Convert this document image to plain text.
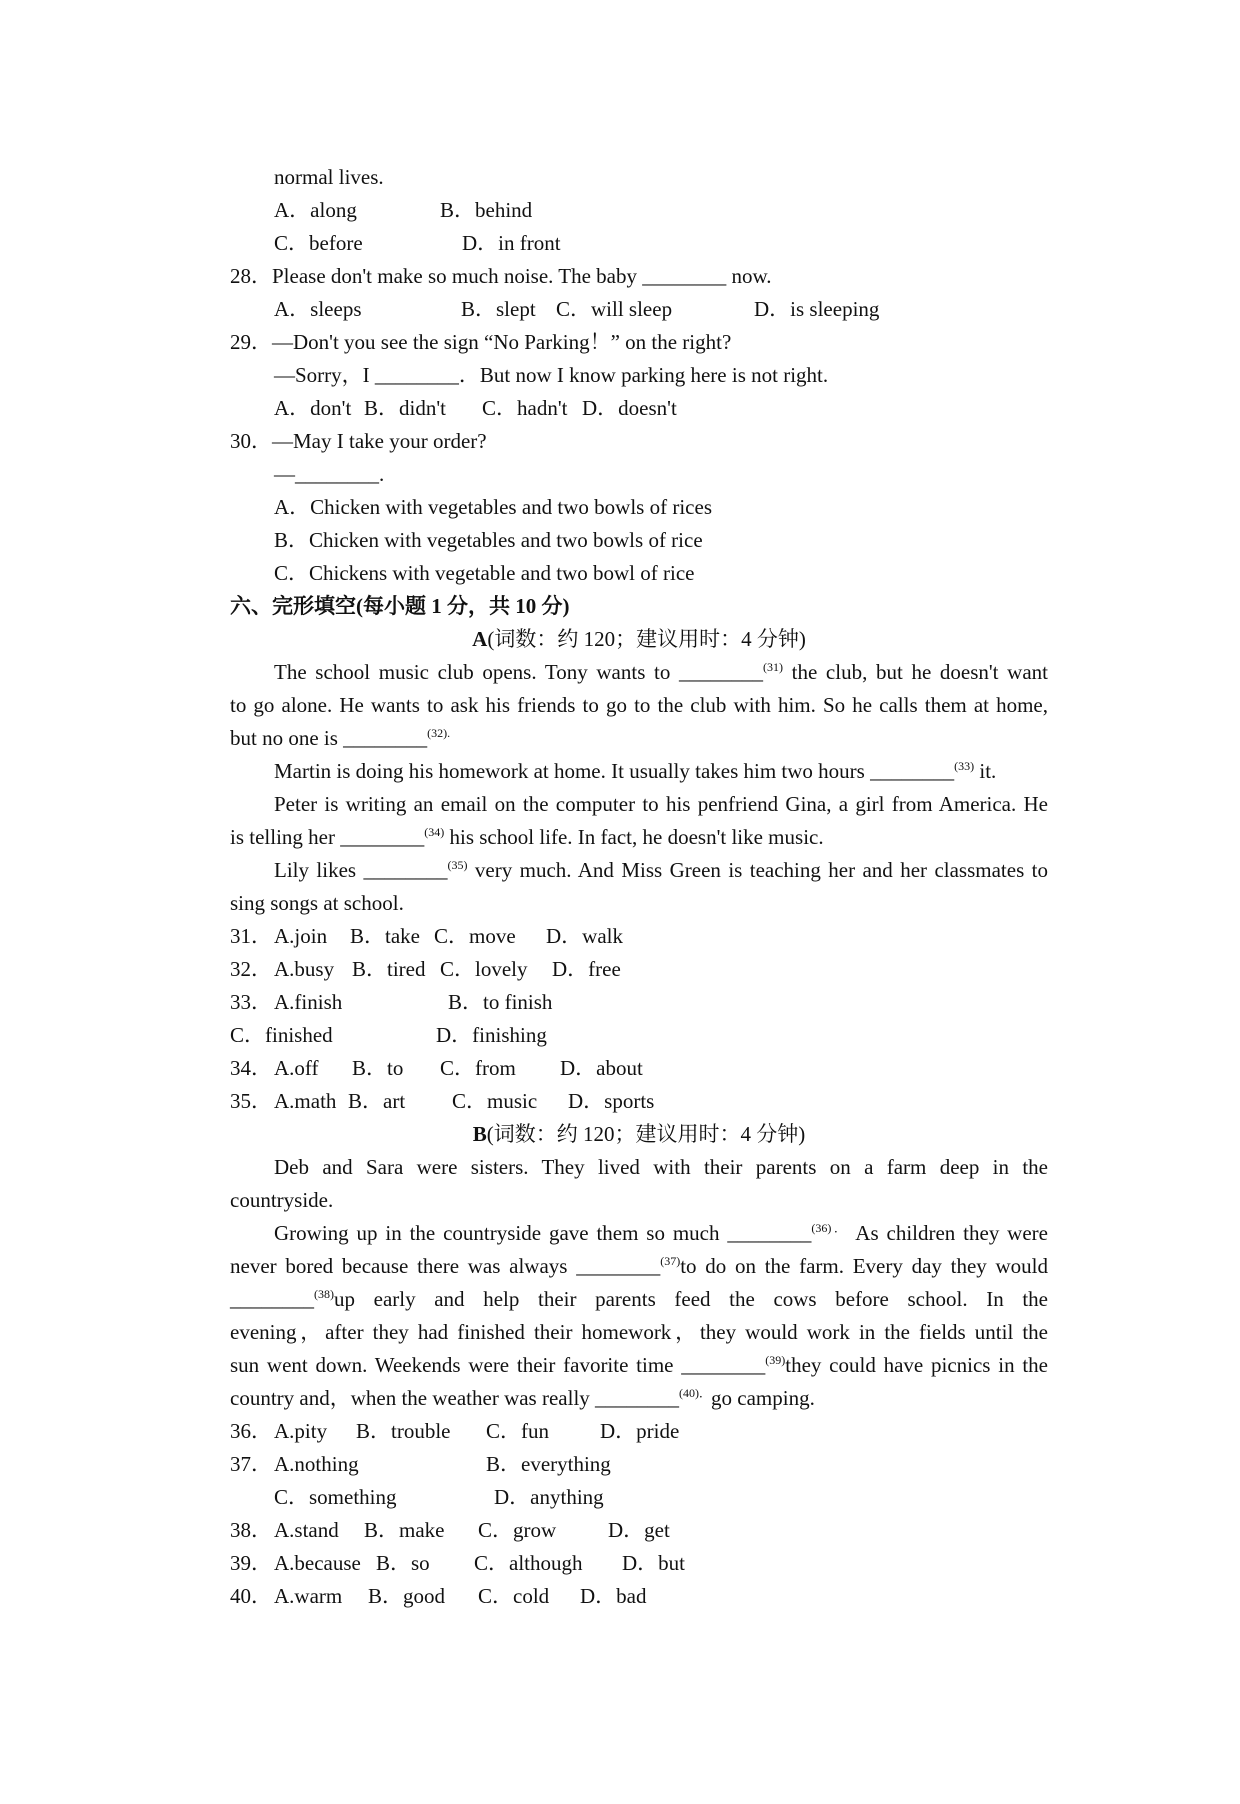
normal lives.

A．along

	B．behind

C．before

	D．in front

28．Please don't make so much noise. The baby ________ now.

A．sleeps

	B．slept

C．will sleep

	D．is sleeping

29．—Don't you see the sign “No Parking！” on the right?
—Sorry，I ________．But now I know parking here is not right.

A．don't

B．didn't

C．hadn't

D．doesn't

30．—May I take your order?
—________.
A．Chicken with vegetables and two bowls of rices
B．Chicken with vegetables and two bowls of rice
C．Chickens with vegetable and two bowl of rice
六、完形填空(每小题 1 分，共 10 分)
A(词数：约 120；建议用时：4 分钟)
The school music club opens. Tony wants to ________$^{(31)}$ the club, but he doesn't want
to go alone. He wants to ask his friends to go to the club with him. So he calls them at home,
but no one is ________$^{(32).}$
Martin is doing his homework at home. It usually takes him two hours ________$^{(33)}$ it.
Peter is writing an email on the computer to his penfriend Gina, a girl from America. He
is telling her ________$^{(34)}$ his school life. In fact, he doesn't like music.
Lily likes ________$^{(35)}$ very much. And Miss Green is teaching her and her classmates to
sing songs at school.

31．

A.join

B．take

C．move

D．walk

32．

A.busy

B．tired

C．lovely

D．free

33．

A.finish

	B．to finish

C．finished

	D．finishing

34．

A.off

B．to

C．from

D．about

35．

A.math

B．art

C．music

D．sports

B(词数：约 120；建议用时：4 分钟)
Deb and Sara were sisters. They lived with their parents on a farm deep in the
countryside.
Growing up in the countryside gave them so much ________$^{(36).}$ As children they were
never bored because there was always ________$^{(37)}$to do on the farm. Every day they would
________$^{(38)}$up early and help their parents feed the cows before school. In the
evening，after they had finished their homework，they would work in the fields until the
sun went down. Weekends were their favorite time ________$^{(39)}$they could have picnics in the
country and，when the weather was really ________$^{(40).}$go camping.

36．

A.pity

B．trouble

C．fun

D．pride

37．

A.nothing

	B．everything

C．something

	D．anything

38．

A.stand

B．make

C．grow

D．get

39．

A.because

B．so

C．although

D．but

40．

A.warm

B．good

C．cold

D．bad
